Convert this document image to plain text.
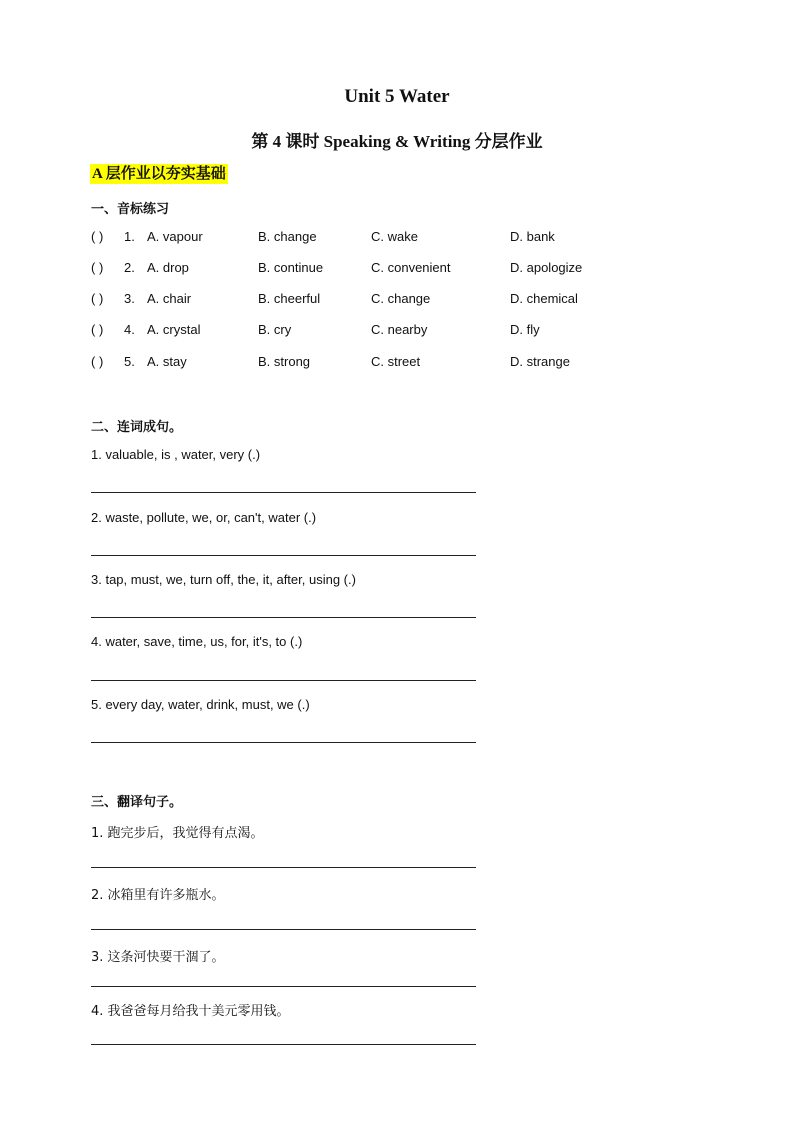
Unit 5 Water
第 4 课时 Speaking & Writing 分层作业
A 层作业以夯实基础
一、音标练习
( ) 1. A. vapour	B. change	C. wake	D. bank
( ) 2. A. drop	B. continue	C. convenient	D. apologize
( ) 3. A. chair	B. cheerful	C. change	D. chemical
( ) 4. A. crystal	B. cry	C. nearby	D. fly
( ) 5. A. stay	B. strong	C. street	D. strange
二、连词成句。
1. valuable, is , water, very (.)
2. waste, pollute, we, or, can't, water (.)
3. tap, must, we, turn off, the, it, after, using (.)
4. water, save, time, us, for, it's, to (.)
5. every day, water, drink, must, we (.)
三、翻译句子。
1. 跑完步后，我觉得有点渴。
2. 冰箱里有许多瓶水。
3. 这条河快要干涸了。
4. 我爸爸每月给我十美元零用钱。
